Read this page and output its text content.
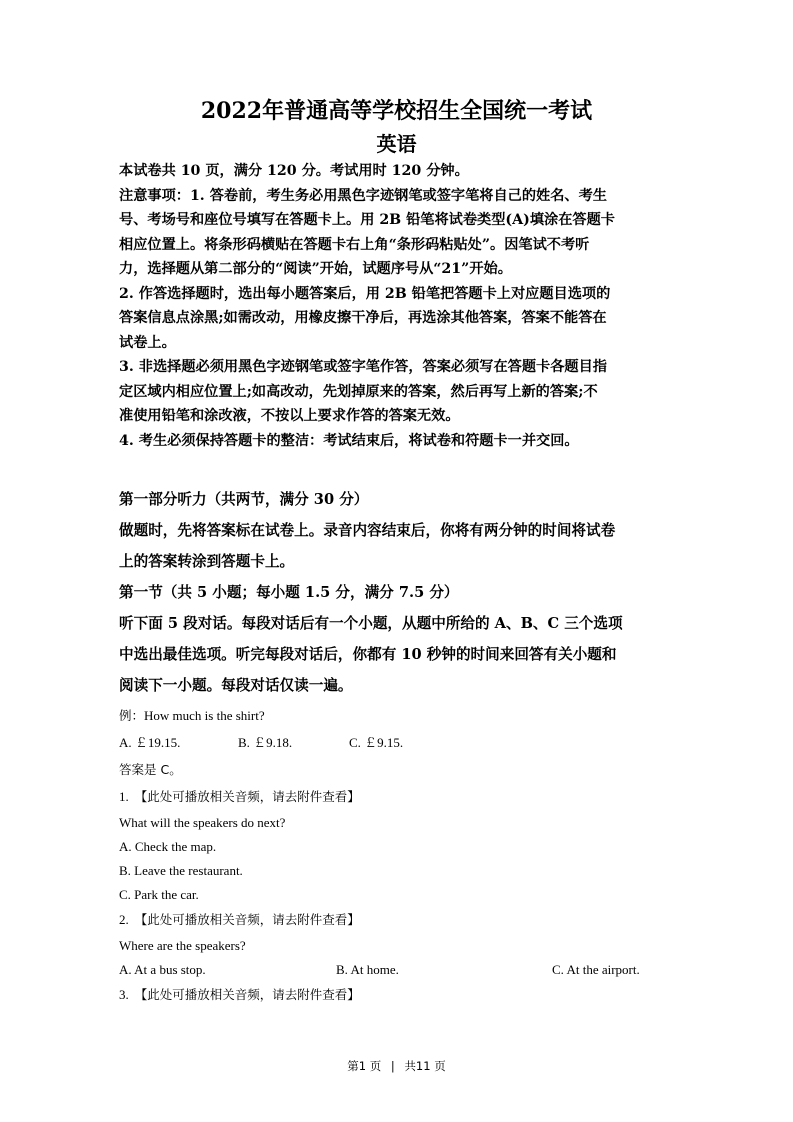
2022年普通高等学校招生全国统一考试
英语
本试卷共 10 页，满分 120 分。考试用时 120 分钟。
注意事项：1. 答卷前，考生务必用黑色字迹钢笔或签字笔将自己的姓名、考生
号、考场号和座位号填写在答题卡上。用 2B 铅笔将试卷类型(A)填涂在答题卡
相应位置上。将条形码横贴在答题卡右上角“条形码粘贴处”。因笔试不考听
力，选择题从第二部分的“阅读”开始，试题序号从“21”开始。
2. 作答选择题时，选出每小题答案后，用 2B 铅笔把答题卡上对应题目选项的
答案信息点涂黑;如需改动，用橡皮擦干净后，再选涂其他答案，答案不能答在
试卷上。
3. 非选择题必须用黑色字迹钢笔或签字笔作答，答案必须写在答题卡各题目指
定区域内相应位置上;如高改动，先划掉原来的答案，然后再写上新的答案;不
准使用铅笔和涂改液，不按以上要求作答的答案无效。
4. 考生必须保持答题卡的整洁：考试结束后，将试卷和符题卡一并交回。
第一部分听力（共两节，满分 30 分）
做题时，先将答案标在试卷上。录音内容结束后，你将有两分钟的时间将试卷
上的答案转涂到答题卡上。
第一节（共 5 小题；每小题 1.5 分，满分 7.5 分）
听下面 5 段对话。每段对话后有一个小题，从题中所给的 A、B、C 三个选项
中选出最佳选项。听完每段对话后，你都有 10 秒钟的时间来回答有关小题和
阅读下一小题。每段对话仅读一遍。
例： How much is the shirt?
A. ￡19.15.	B. ￡9.18.	C. ￡9.15.
答案是 C。
1. 【此处可播放相关音频，请去附件查看】
What will the speakers do next?
A. Check the map.
B. Leave the restaurant.
C. Park the car.
2. 【此处可播放相关音频，请去附件查看】
Where are the speakers?
A. At a bus stop.	B. At home.	C. At the airport.
3. 【此处可播放相关音频，请去附件查看】
第1 页 | 共11 页
